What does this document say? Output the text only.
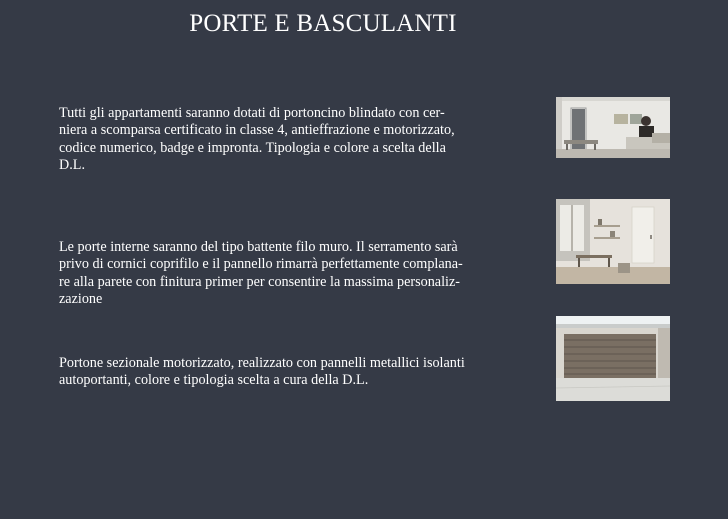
PORTE E BASCULANTI

Tutti gli appartamenti saranno dotati di portoncino blindato con cer-
niera a scomparsa certificato in classe 4, antieffrazione e motorizzato,
codice numerico, badge e impronta. Tipologia e colore a scelta della
D.L.

Le porte interne saranno del tipo battente filo muro. Il serramento sarà
privo di cornici coprifilo e il pannello rimarrà perfettamente complana-
re alla parete con finitura primer per consentire la massima personaliz-
zazione

Portone sezionale motorizzato, realizzato con pannelli metallici isolanti
autoportanti, colore e tipologia scelta a cura della D.L.
